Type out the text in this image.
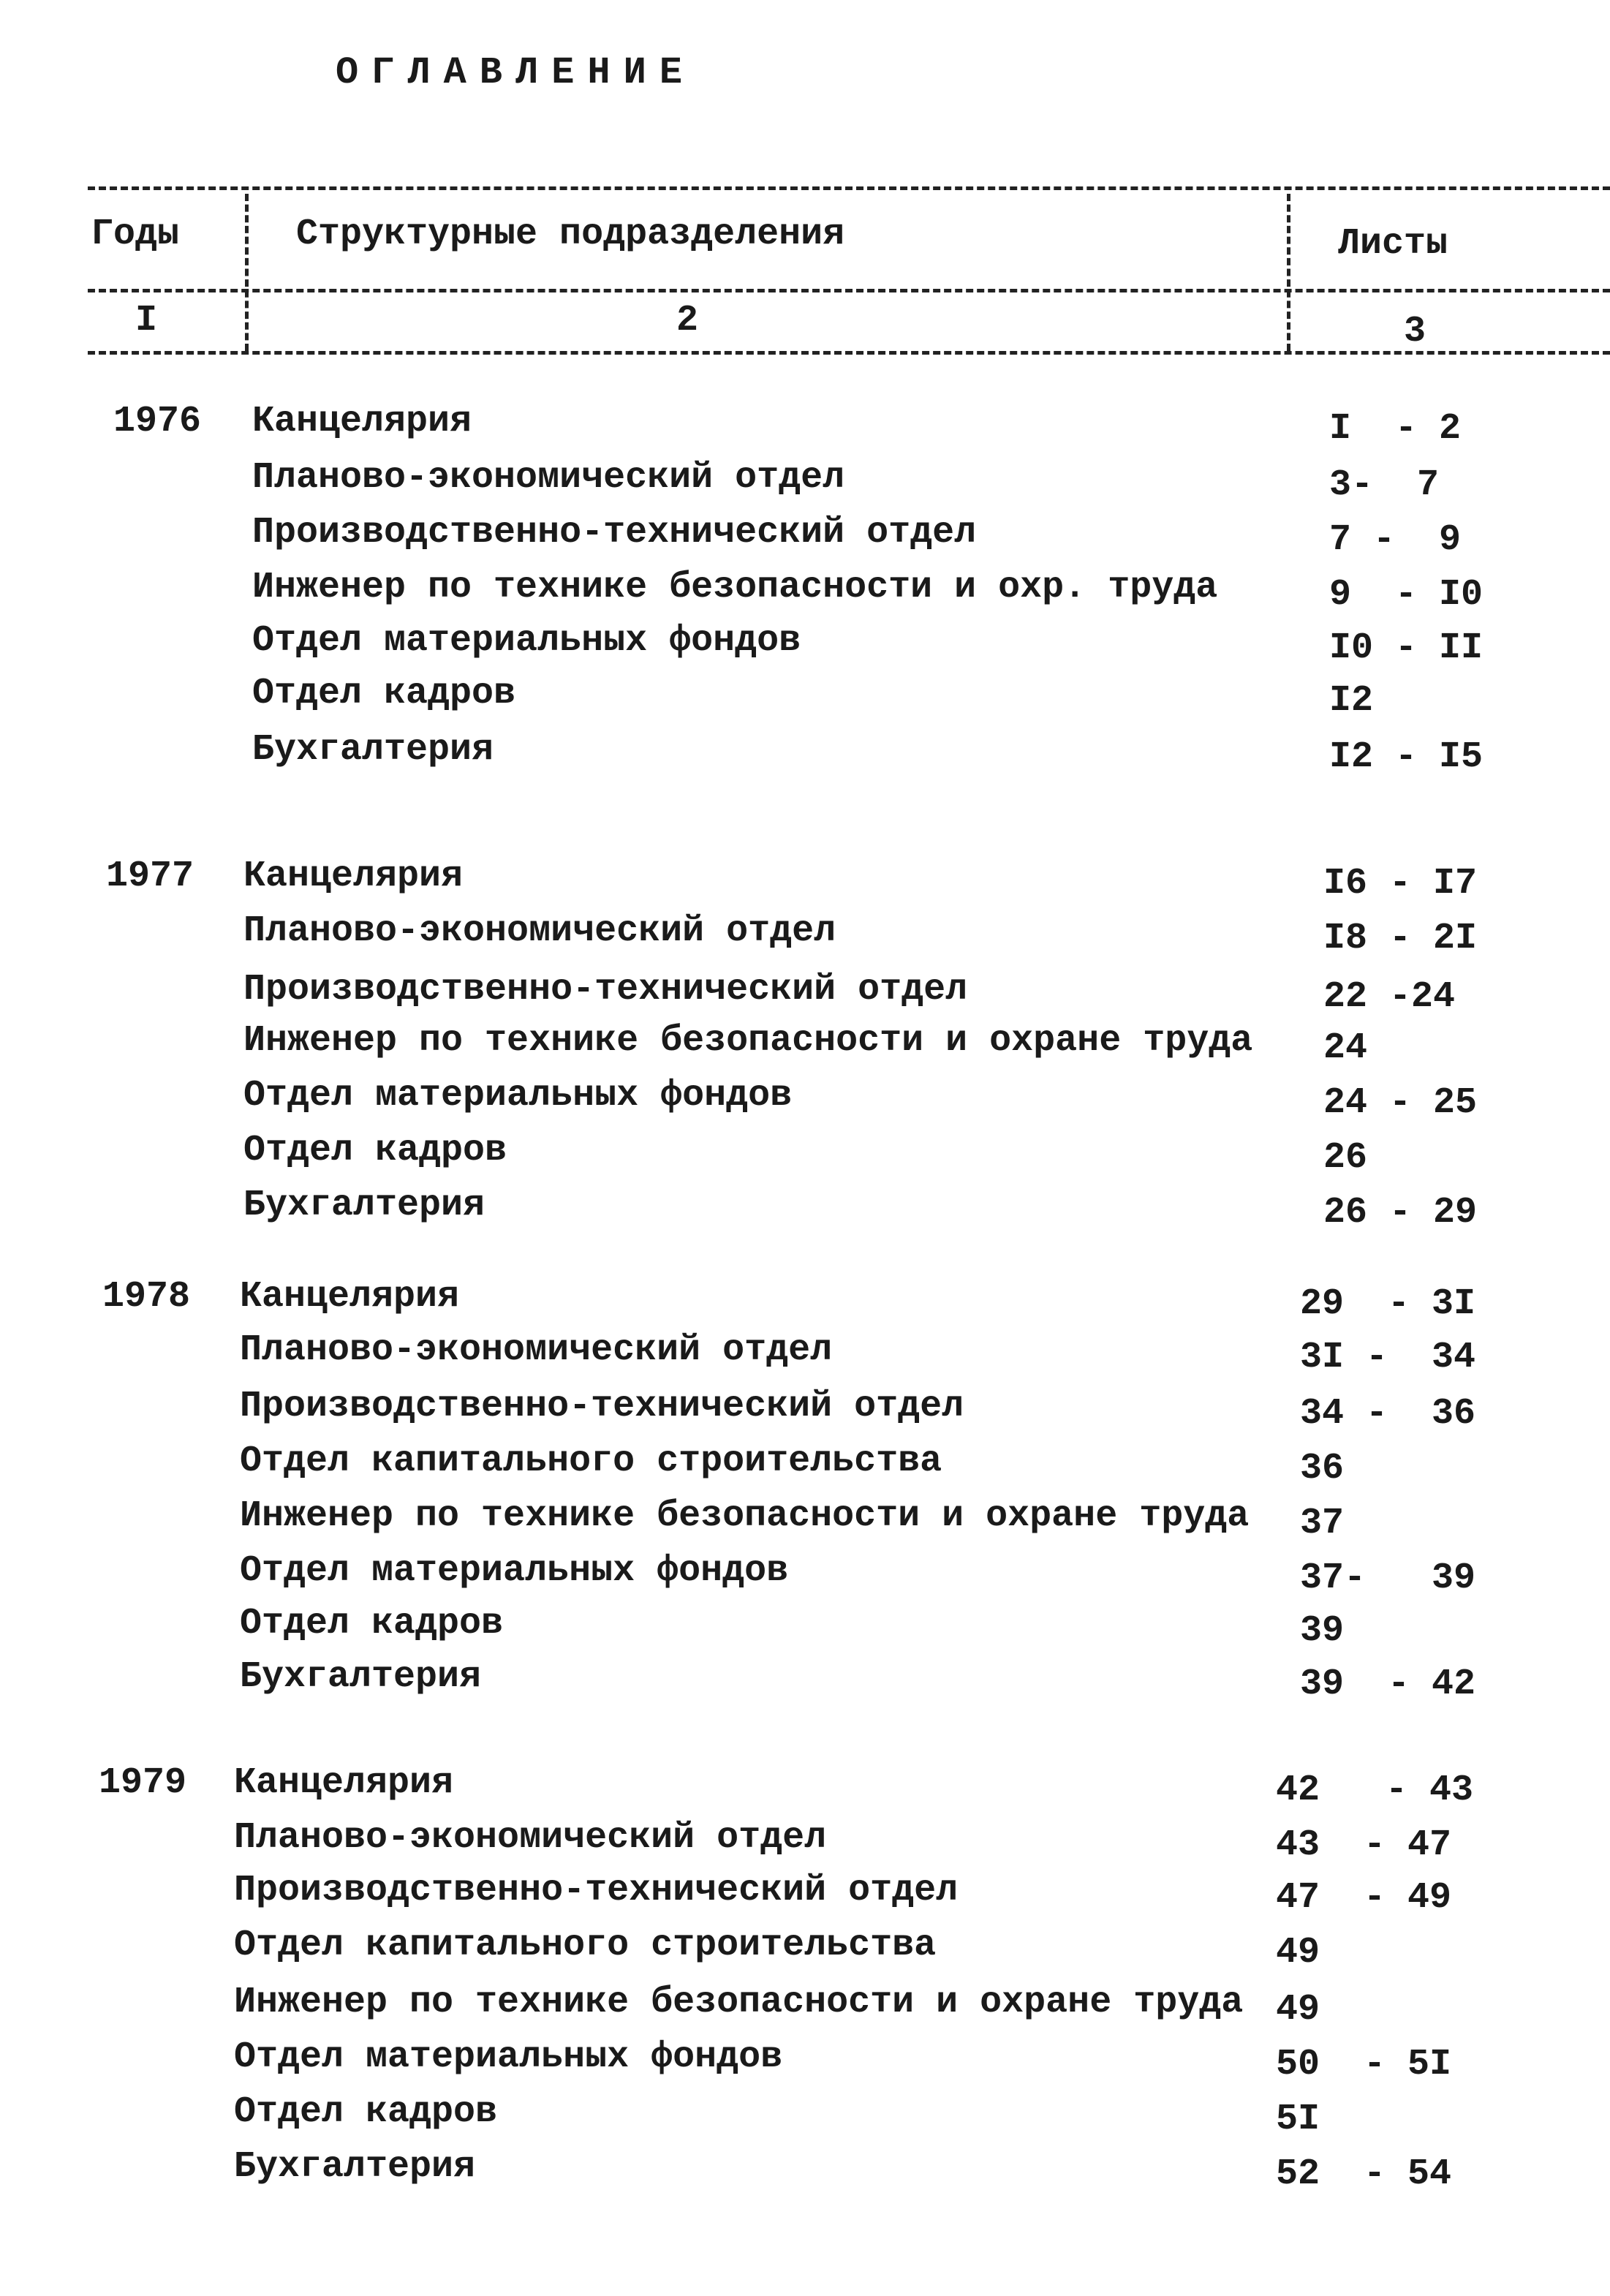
ОГЛАВЛЕНИЕ
Годы	Структурные подразделения	Листы
I	2	3
1976 Канцелярия	I  - 2
Планово-экономический отдел	3-  7
Производственно-технический отдел	7 -  9
Инженер по технике безопасности и охр. труда	9  - I0
Отдел материальных фондов	I0 - II
Отдел кадров	I2
Бухгалтерия	I2 - I5
1977 Канцелярия	I6 - I7
Планово-экономический отдел	I8 - 2I
Производственно-технический отдел	22 -24
Инженер по технике безопасности и охране труда 24
Отдел материальных фондов	24 - 25
Отдел кадров	26
Бухгалтерия	26 - 29
1978 Канцелярия	29  - 3I
Планово-экономический отдел	3I -  34
Производственно-технический отдел	34 -  36
Отдел капитального строительства	36
Инженер по технике безопасности и охране труда 37
Отдел материальных фондов	37-   39
Отдел кадров	39
Бухгалтерия	39  - 42
1979 Канцелярия	42   - 43
Планово-экономический отдел	43  - 47
Производственно-технический отдел	47  - 49
Отдел капитального строительства	49
Инженер по технике безопасности и охране труда 49
Отдел материальных фондов	50  - 5I
Отдел кадров	5I
Бухгалтерия	52  - 54
